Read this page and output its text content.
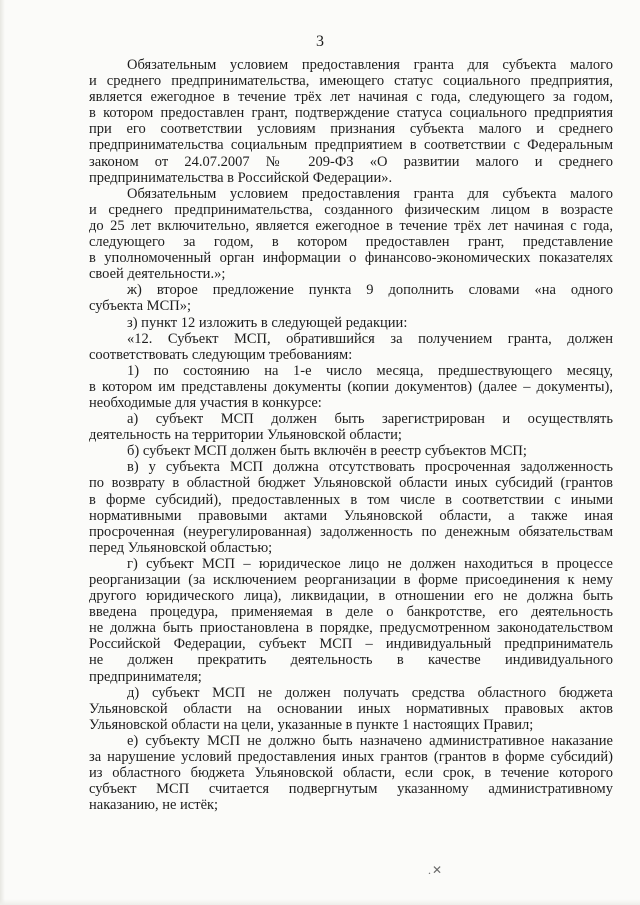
3
Обязательным условием предоставления гранта для субъекта малого
и среднего предпринимательства, имеющего статус социального предприятия,
является ежегодное в течение трёх лет начиная с года, следующего за годом,
в котором предоставлен грант, подтверждение статуса социального предприятия
при его соответствии условиям признания субъекта малого и среднего
предпринимательства социальным предприятием в соответствии с Федеральным
законом от 24.07.2007 № 209-ФЗ «О развитии малого и среднего
предпринимательства в Российской Федерации».
Обязательным условием предоставления гранта для субъекта малого
и среднего предпринимательства, созданного физическим лицом в возрасте
до 25 лет включительно, является ежегодное в течение трёх лет начиная с года,
следующего за годом, в котором предоставлен грант, представление
в уполномоченный орган информации о финансово-экономических показателях
своей деятельности.»;
ж) второе предложение пункта 9 дополнить словами «на одного
субъекта МСП»;
з) пункт 12 изложить в следующей редакции:
«12. Субъект МСП, обратившийся за получением гранта, должен
соответствовать следующим требованиям:
1) по состоянию на 1-е число месяца, предшествующего месяцу,
в котором им представлены документы (копии документов) (далее – документы),
необходимые для участия в конкурсе:
а) субъект МСП должен быть зарегистрирован и осуществлять
деятельность на территории Ульяновской области;
б) субъект МСП должен быть включён в реестр субъектов МСП;
в) у субъекта МСП должна отсутствовать просроченная задолженность
по возврату в областной бюджет Ульяновской области иных субсидий (грантов
в форме субсидий), предоставленных в том числе в соответствии с иными
нормативными правовыми актами Ульяновской области, а также иная
просроченная (неурегулированная) задолженность по денежным обязательствам
перед Ульяновской областью;
г) субъект МСП – юридическое лицо не должен находиться в процессе
реорганизации (за исключением реорганизации в форме присоединения к нему
другого юридического лица), ликвидации, в отношении его не должна быть
введена процедура, применяемая в деле о банкротстве, его деятельность
не должна быть приостановлена в порядке, предусмотренном законодательством
Российской Федерации, субъект МСП – индивидуальный предприниматель
не должен прекратить деятельность в качестве индивидуального
предпринимателя;
д) субъект МСП не должен получать средства областного бюджета
Ульяновской области на основании иных нормативных правовых актов
Ульяновской области на цели, указанные в пункте 1 настоящих Правил;
е) субъекту МСП не должно быть назначено административное наказание
за нарушение условий предоставления иных грантов (грантов в форме субсидий)
из областного бюджета Ульяновской области, если срок, в течение которого
субъект МСП считается подвергнутым указанному административному
наказанию, не истёк;
.✕
